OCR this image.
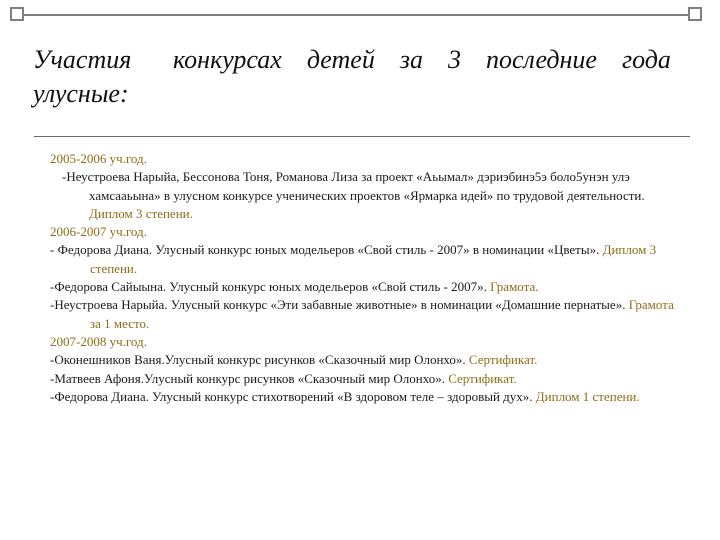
Участия

конкурсах  детей  за  3  последние  года

улусные:

2005-2006 уч.год.

-Неустроева Нарыйа, Бессонова Тоня, Романова Лиза за проект «Аьымал» дэриэбинэ5э боло5унэн улэ хамсааьына» в улусном конкурсе ученических проектов «Ярмарка идей» по трудовой деятельности. Диплом 3 степени.

2006-2007 уч.год.

- Федорова Диана. Улусный конкурс юных модельеров «Свой стиль - 2007» в номинации «Цветы». Диплом 3 степени.

-Федорова Сайыына. Улусный конкурс юных модельеров «Свой стиль - 2007». Грамота.

-Неустроева Нарыйа. Улусный конкурс «Эти забавные животные» в номинации «Домашние пернатые». Грамота за 1 место.

2007-2008 уч.год.

-Оконешников Ваня.Улусный конкурс рисунков «Сказочный мир Олонхо». Сертификат.

-Матвеев Афоня.Улусный конкурс рисунков «Сказочный мир Олонхо». Сертификат.

-Федорова Диана. Улусный конкурс стихотворений «В здоровом теле – здоровый дух». Диплом 1 степени.
